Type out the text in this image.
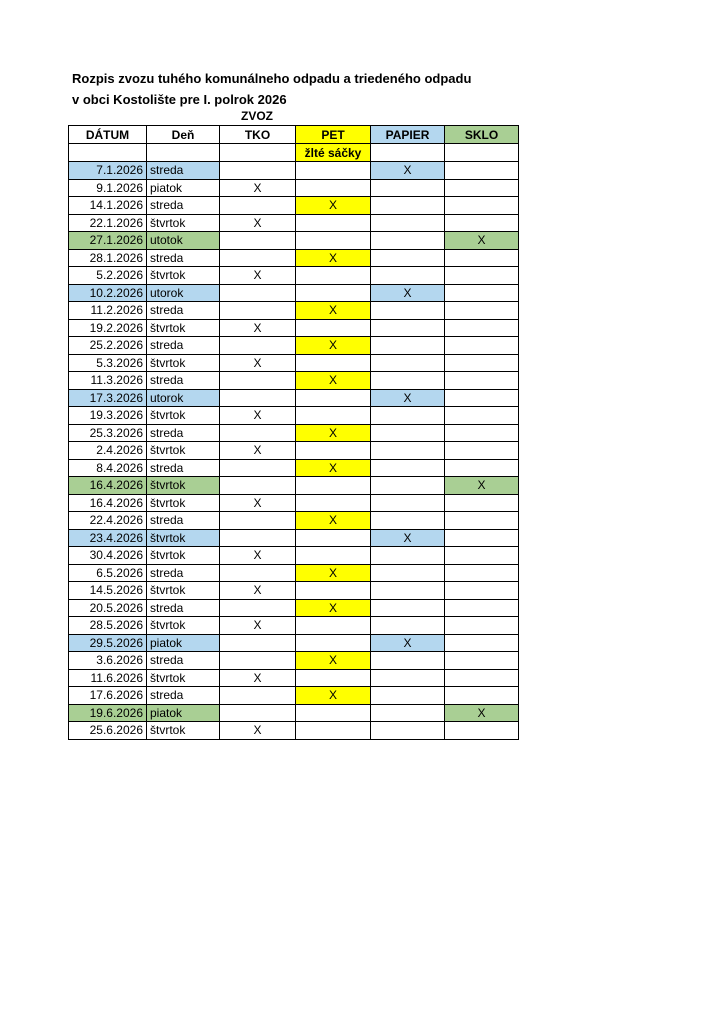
Rozpis zvozu tuhého komunálneho odpadu a triedeného odpadu
v obci Kostolište pre I. polrok 2026
ZVOZ
DÁTUM	Deň	TKO	PET	PAPIER	SKLO
			žlté sáčky		
7.1.2026	streda			X	
9.1.2026	piatok	X			
14.1.2026	streda		X		
22.1.2026	štvrtok	X			
27.1.2026	utotok				X
28.1.2026	streda		X		
5.2.2026	štvrtok	X			
10.2.2026	utorok			X	
11.2.2026	streda		X		
19.2.2026	štvrtok	X			
25.2.2026	streda		X		
5.3.2026	štvrtok	X			
11.3.2026	streda		X		
17.3.2026	utorok			X	
19.3.2026	štvrtok	X			
25.3.2026	streda		X		
2.4.2026	štvrtok	X			
8.4.2026	streda		X		
16.4.2026	štvrtok				X
16.4.2026	štvrtok	X			
22.4.2026	streda		X		
23.4.2026	štvrtok			X	
30.4.2026	štvrtok	X			
6.5.2026	streda		X		
14.5.2026	štvrtok	X			
20.5.2026	streda		X		
28.5.2026	štvrtok	X			
29.5.2026	piatok			X	
3.6.2026	streda		X		
11.6.2026	štvrtok	X			
17.6.2026	streda		X		
19.6.2026	piatok				X
25.6.2026	štvrtok	X			
